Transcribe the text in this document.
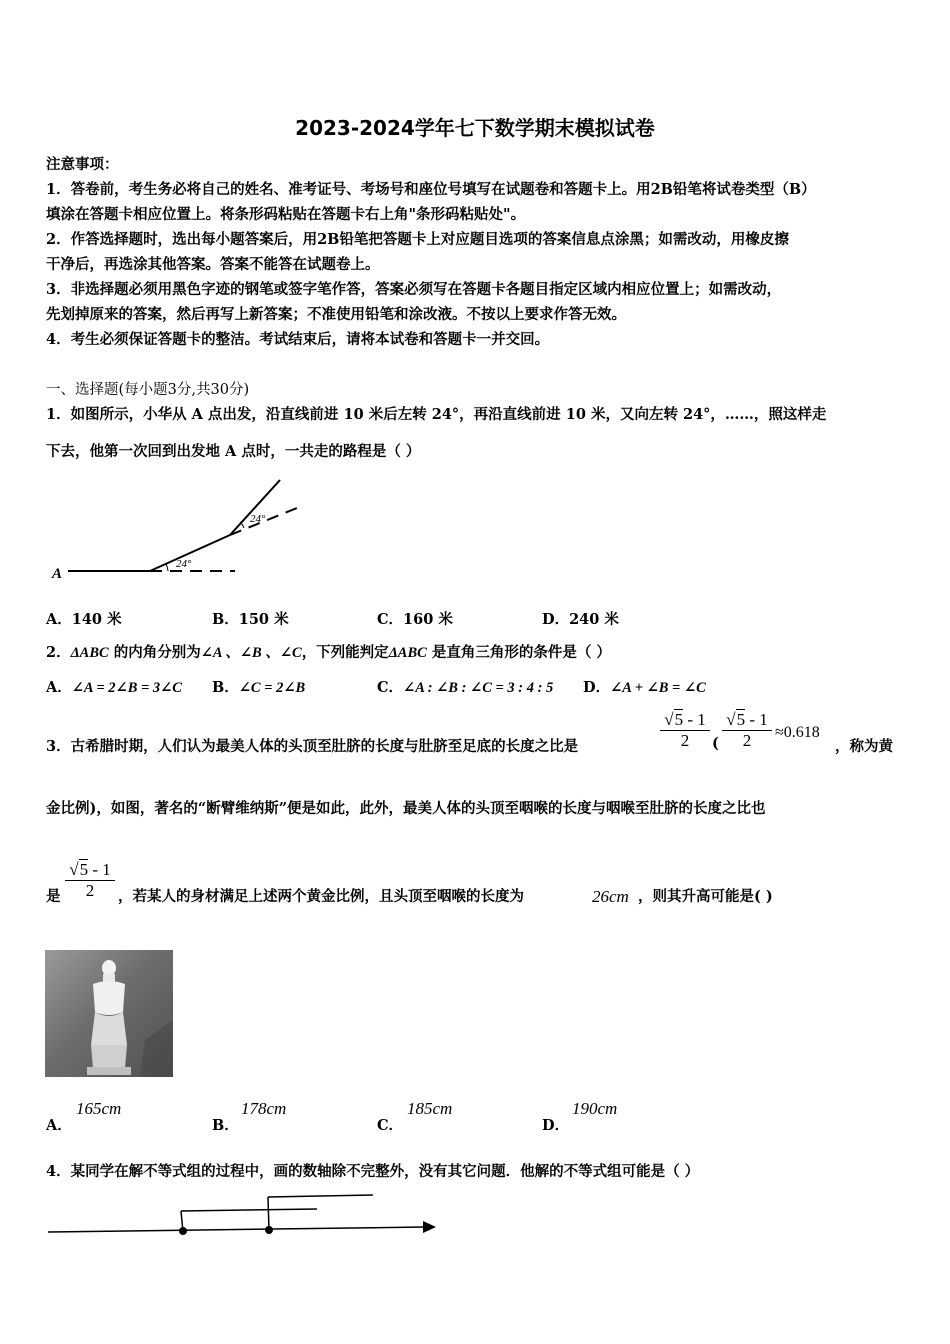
2023-2024学年七下数学期末模拟试卷
注意事项：
1．答卷前，考生务必将自己的姓名、准考证号、考场号和座位号填写在试题卷和答题卡上。用2B铅笔将试卷类型（B）
填涂在答题卡相应位置上。将条形码粘贴在答题卡右上角"条形码粘贴处"。
2．作答选择题时，选出每小题答案后，用2B铅笔把答题卡上对应题目选项的答案信息点涂黑；如需改动，用橡皮擦
干净后，再选涂其他答案。答案不能答在试题卷上。
3．非选择题必须用黑色字迹的钢笔或签字笔作答，答案必须写在答题卡各题目指定区域内相应位置上；如需改动，
先划掉原来的答案，然后再写上新答案；不准使用铅笔和涂改液。不按以上要求作答无效。
4．考生必须保证答题卡的整洁。考试结束后，请将本试卷和答题卡一并交回。
一、选择题(每小题3分,共30分)
1．如图所示，小华从 A 点出发，沿直线前进 10 米后左转 24°，再沿直线前进 10 米，又向左转 24°，……，照这样走
下去，他第一次回到出发地 A 点时，一共走的路程是（ ）
A
24°
24°
A．140 米	B．150 米	C．160 米	D．240 米
2．ΔABC 的内角分别为∠A 、∠B 、∠C，下列能判定ΔABC 是直角三角形的条件是（ ）
A．∠A = 2∠B = 3∠C B．∠C = 2∠B	C．∠A : ∠B : ∠C = 3 : 4 : 5 D．∠A + ∠B = ∠C
3．古希腊时期，人们认为最美人体的头顶至肚脐的长度与肚脐至足底的长度之比是	$\frac{√5 - 1}{2}$ ( $\frac{√5 - 1}{2} \approx 0.618$
，称为黄
金比例)，如图，著名的“断臂维纳斯”便是如此，此外，最美人体的头顶至咽喉的长度与咽喉至肚脐的长度之比也
是 $\frac{√5 - 1}{2}$ ，若某人的身材满足上述两个黄金比例，且头顶至咽喉的长度为	26cm ，则其升高可能是( )
A．
165cm
B．
178cm
C．
185cm
D．
190cm
4．某同学在解不等式组的过程中，画的数轴除不完整外，没有其它问题．他解的不等式组可能是（ ）
